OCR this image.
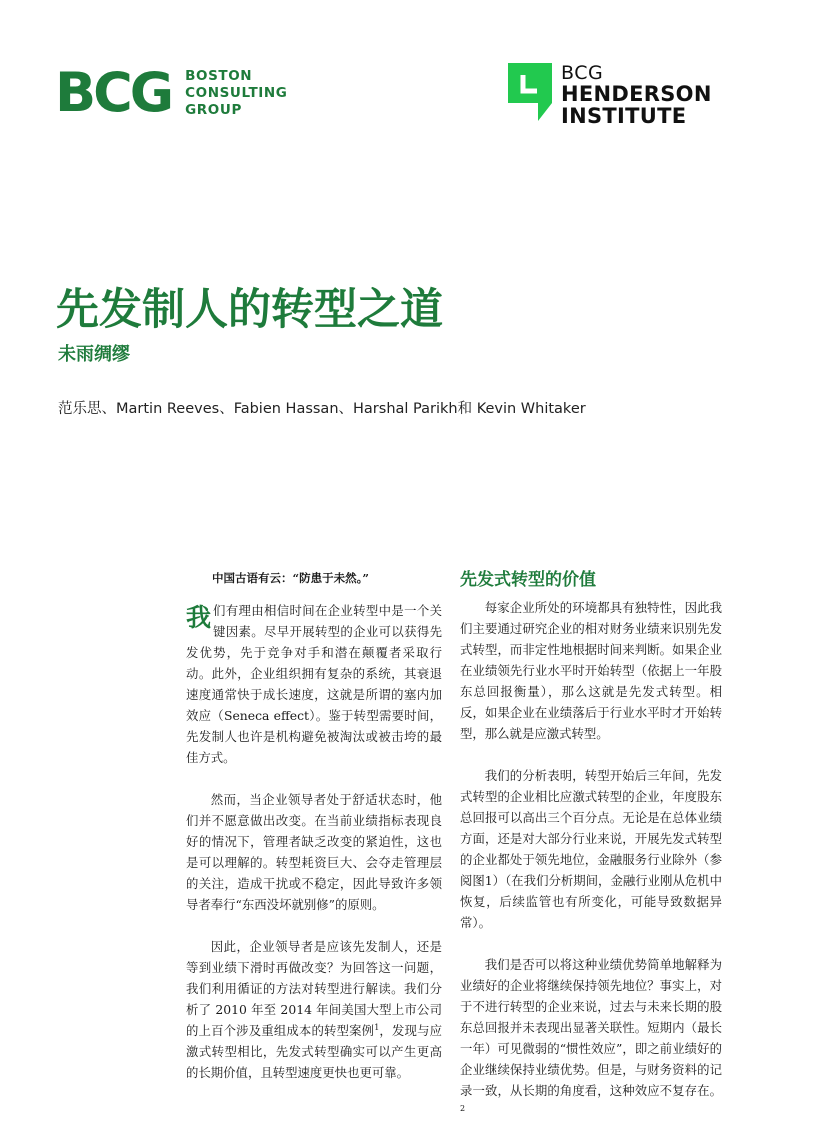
BCG BOSTON
CONSULTING
GROUP
BCG
HENDERSON
INSTITUTE
先发制人的转型之道
未雨绸缪

范乐思、Martin Reeves、Fabien Hassan、Harshal Parikh和 Kevin Whitaker

中国古语有云：“防患于未然。”

我们有理由相信时间在企业转型中是一个关键因素。尽早开展转型的企业可以获得先发优势，先于竞争对手和潜在颠覆者采取行动。此外，企业组织拥有复杂的系统，其衰退速度通常快于成长速度，这就是所谓的塞内加效应（Seneca effect）。鉴于转型需要时间，先发制人也许是机构避免被淘汰或被击垮的最佳方式。

然而，当企业领导者处于舒适状态时，他们并不愿意做出改变。在当前业绩指标表现良好的情况下，管理者缺乏改变的紧迫性，这也是可以理解的。转型耗资巨大、会夺走管理层的关注，造成干扰或不稳定，因此导致许多领导者奉行“东西没坏就别修”的原则。

因此，企业领导者是应该先发制人，还是等到业绩下滑时再做改变？为回答这一问题，我们利用循证的方法对转型进行解读。我们分析了 2010 年至 2014 年间美国大型上市公司的上百个涉及重组成本的转型案例$^1$，发现与应激式转型相比，先发式转型确实可以产生更高的长期价值，且转型速度更快也更可靠。

先发式转型的价值

每家企业所处的环境都具有独特性，因此我们主要通过研究企业的相对财务业绩来识别先发式转型，而非定性地根据时间来判断。如果企业在业绩领先行业水平时开始转型（依据上一年股东总回报衡量），那么这就是先发式转型。相反，如果企业在业绩落后于行业水平时才开始转型，那么就是应激式转型。

我们的分析表明，转型开始后三年间，先发式转型的企业相比应激式转型的企业，年度股东总回报可以高出三个百分点。无论是在总体业绩方面，还是对大部分行业来说，开展先发式转型的企业都处于领先地位，金融服务行业除外（参阅图1）（在我们分析期间，金融行业刚从危机中恢复，后续监管也有所变化，可能导致数据异常）。

我们是否可以将这种业绩优势简单地解释为业绩好的企业将继续保持领先地位？事实上，对于不进行转型的企业来说，过去与未来长期的股东总回报并未表现出显著关联性。短期内（最长一年）可见微弱的“惯性效应”，即之前业绩好的企业继续保持业绩优势。但是，与财务资料的记录一致，从长期的角度看，这种效应不复存在。$^2$
